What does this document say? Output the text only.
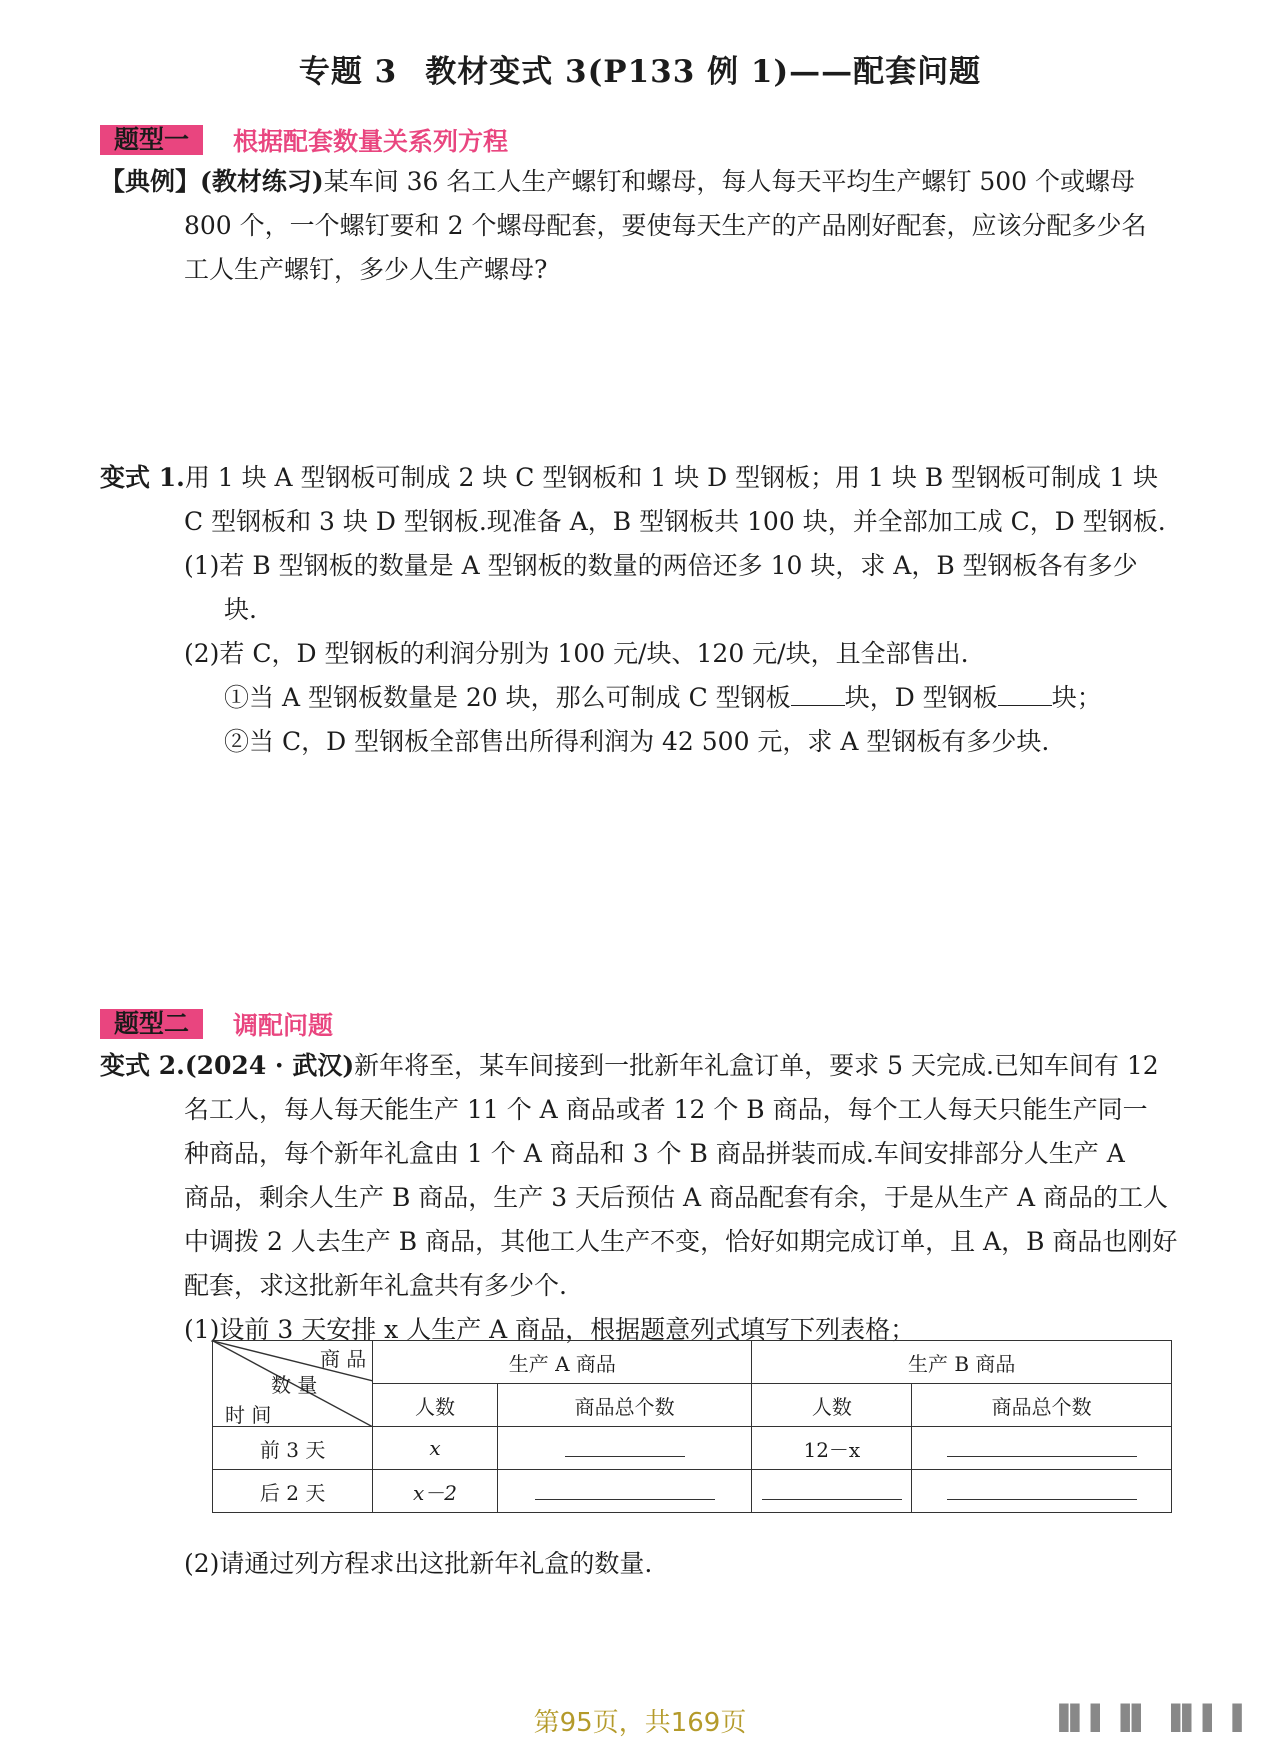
专题 3 教材变式 3(P133 例 1)——配套问题
题型一	根据配套数量关系列方程
【典例】(教材练习)某车间 36 名工人生产螺钉和螺母，每人每天平均生产螺钉 500 个或螺母
800 个，一个螺钉要和 2 个螺母配套，要使每天生产的产品刚好配套，应该分配多少名
工人生产螺钉，多少人生产螺母?
变式 1.用 1 块 A 型钢板可制成 2 块 C 型钢板和 1 块 D 型钢板；用 1 块 B 型钢板可制成 1 块
C 型钢板和 3 块 D 型钢板.现准备 A，B 型钢板共 100 块，并全部加工成 C，D 型钢板.
(1)若 B 型钢板的数量是 A 型钢板的数量的两倍还多 10 块，求 A，B 型钢板各有多少
块.
(2)若 C，D 型钢板的利润分别为 100 元/块、120 元/块，且全部售出.
①当 A 型钢板数量是 20 块，那么可制成 C 型钢板 块，D 型钢板 块；
②当 C，D 型钢板全部售出所得利润为 42 500 元，求 A 型钢板有多少块.
题型二	调配问题
变式 2.(2024 · 武汉)新年将至，某车间接到一批新年礼盒订单，要求 5 天完成.已知车间有 12
名工人，每人每天能生产 11 个 A 商品或者 12 个 B 商品，每个工人每天只能生产同一
种商品，每个新年礼盒由 1 个 A 商品和 3 个 B 商品拼装而成.车间安排部分人生产 A
商品，剩余人生产 B 商品，生产 3 天后预估 A 商品配套有余，于是从生产 A 商品的工人
中调拨 2 人去生产 B 商品，其他工人生产不变，恰好如期完成订单，且 A，B 商品也刚好
配套，求这批新年礼盒共有多少个.
(1)设前 3 天安排 x 人生产 A 商品，根据题意列式填写下列表格；
商 品
数 量
时 间	生产 A 商品		生产 B 商品	
	人数	商品总个数	人数	商品总个数
前 3 天	x		12－x	
后 2 天	x－2			
(2)请通过列方程求出这批新年礼盒的数量.
第95页，共169页	▐▌▌▐▌ ▐▌▌▐
